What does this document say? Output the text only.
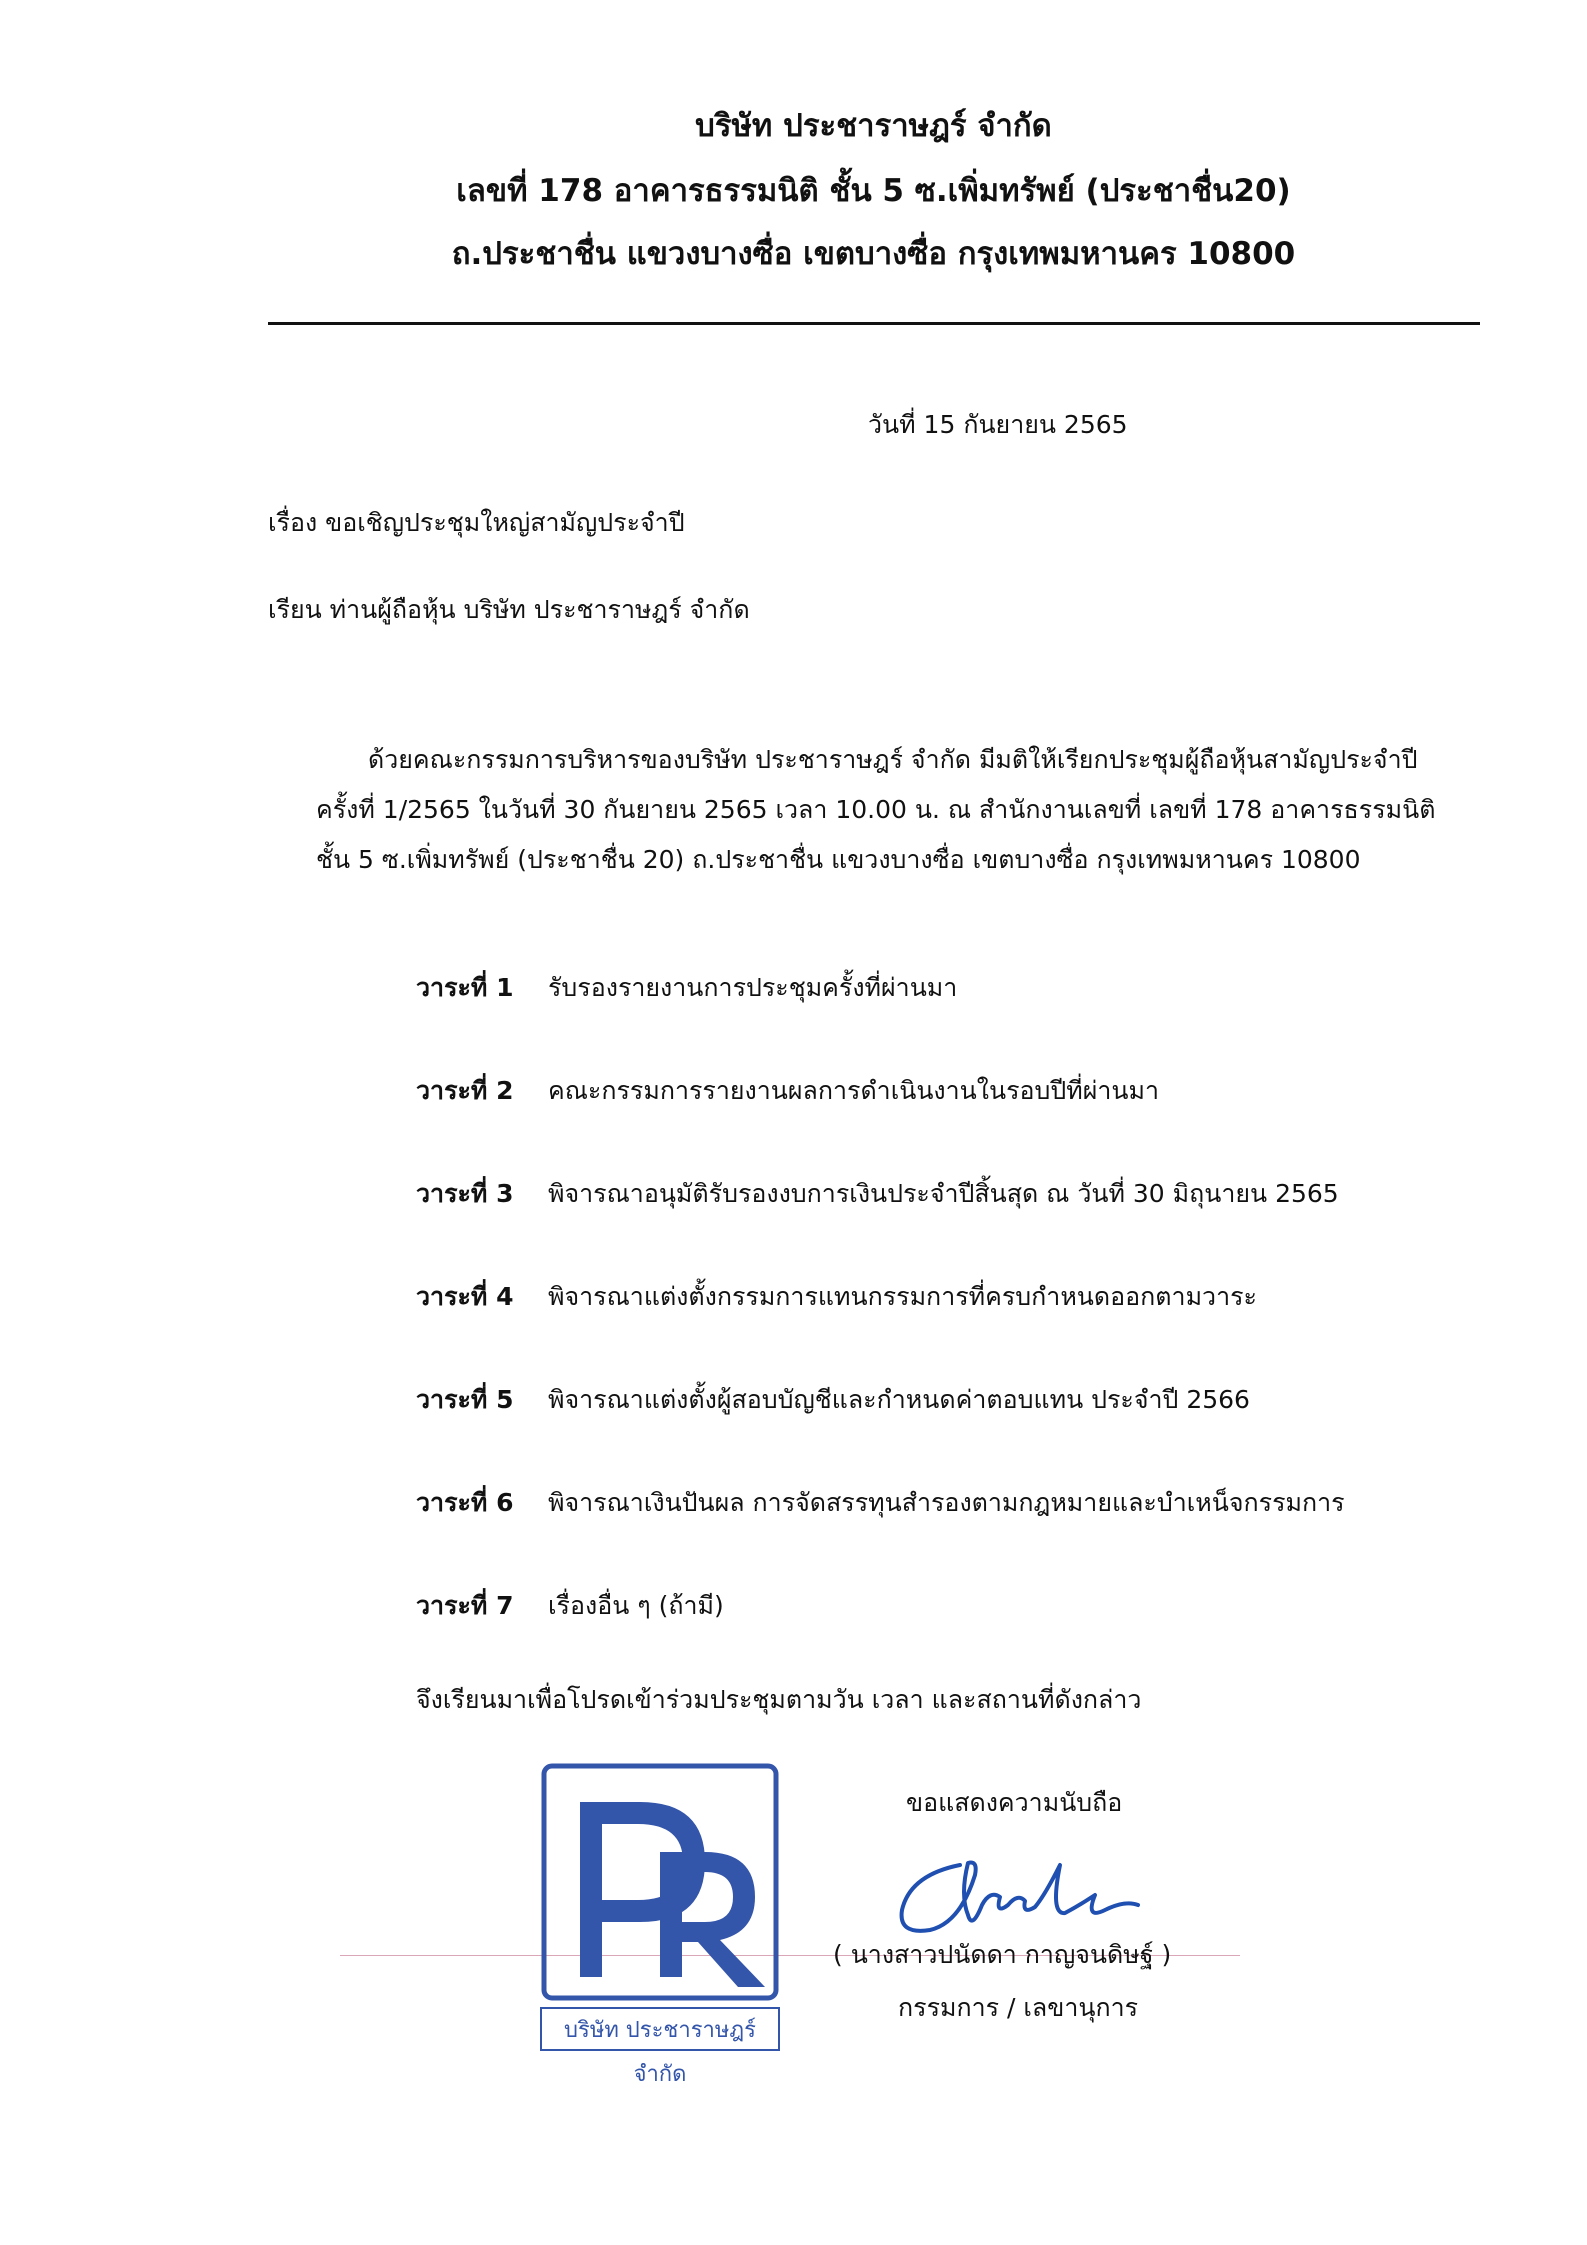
บริษัท ประชาราษฎร์ จำกัด
เลขที่ 178 อาคารธรรมนิติ ชั้น 5 ซ.เพิ่มทรัพย์ (ประชาชื่น20)
ถ.ประชาชื่น แขวงบางซื่อ เขตบางซื่อ กรุงเทพมหานคร 10800
วันที่ 15 กันยายน 2565
เรื่อง ขอเชิญประชุมใหญ่สามัญประจำปี
เรียน ท่านผู้ถือหุ้น บริษัท ประชาราษฎร์ จำกัด
ด้วยคณะกรรมการบริหารของบริษัท ประชาราษฎร์ จำกัด มีมติให้เรียกประชุมผู้ถือหุ้นสามัญประจำปี
ครั้งที่ 1/2565 ในวันที่ 30 กันยายน 2565 เวลา 10.00 น. ณ สำนักงานเลขที่ เลขที่ 178 อาคารธรรมนิติ
ชั้น 5 ซ.เพิ่มทรัพย์ (ประชาชื่น 20) ถ.ประชาชื่น แขวงบางซื่อ เขตบางซื่อ กรุงเทพมหานคร 10800
วาระที่ 1 รับรองรายงานการประชุมครั้งที่ผ่านมา
วาระที่ 2 คณะกรรมการรายงานผลการดำเนินงานในรอบปีที่ผ่านมา
วาระที่ 3 พิจารณาอนุมัติรับรองงบการเงินประจำปีสิ้นสุด ณ วันที่ 30 มิถุนายน 2565
วาระที่ 4 พิจารณาแต่งตั้งกรรมการแทนกรรมการที่ครบกำหนดออกตามวาระ
วาระที่ 5 พิจารณาแต่งตั้งผู้สอบบัญชีและกำหนดค่าตอบแทน ประจำปี 2566
วาระที่ 6 พิจารณาเงินปันผล การจัดสรรทุนสำรองตามกฎหมายและบำเหน็จกรรมการ
วาระที่ 7 เรื่องอื่น ๆ (ถ้ามี)
จึงเรียนมาเพื่อโปรดเข้าร่วมประชุมตามวัน เวลา และสถานที่ดังกล่าว
บริษัท ประชาราษฎร์ จำกัด
ขอแสดงความนับถือ
( นางสาวปนัดดา กาญจนดิษฐ์ )
กรรมการ / เลขานุการ
